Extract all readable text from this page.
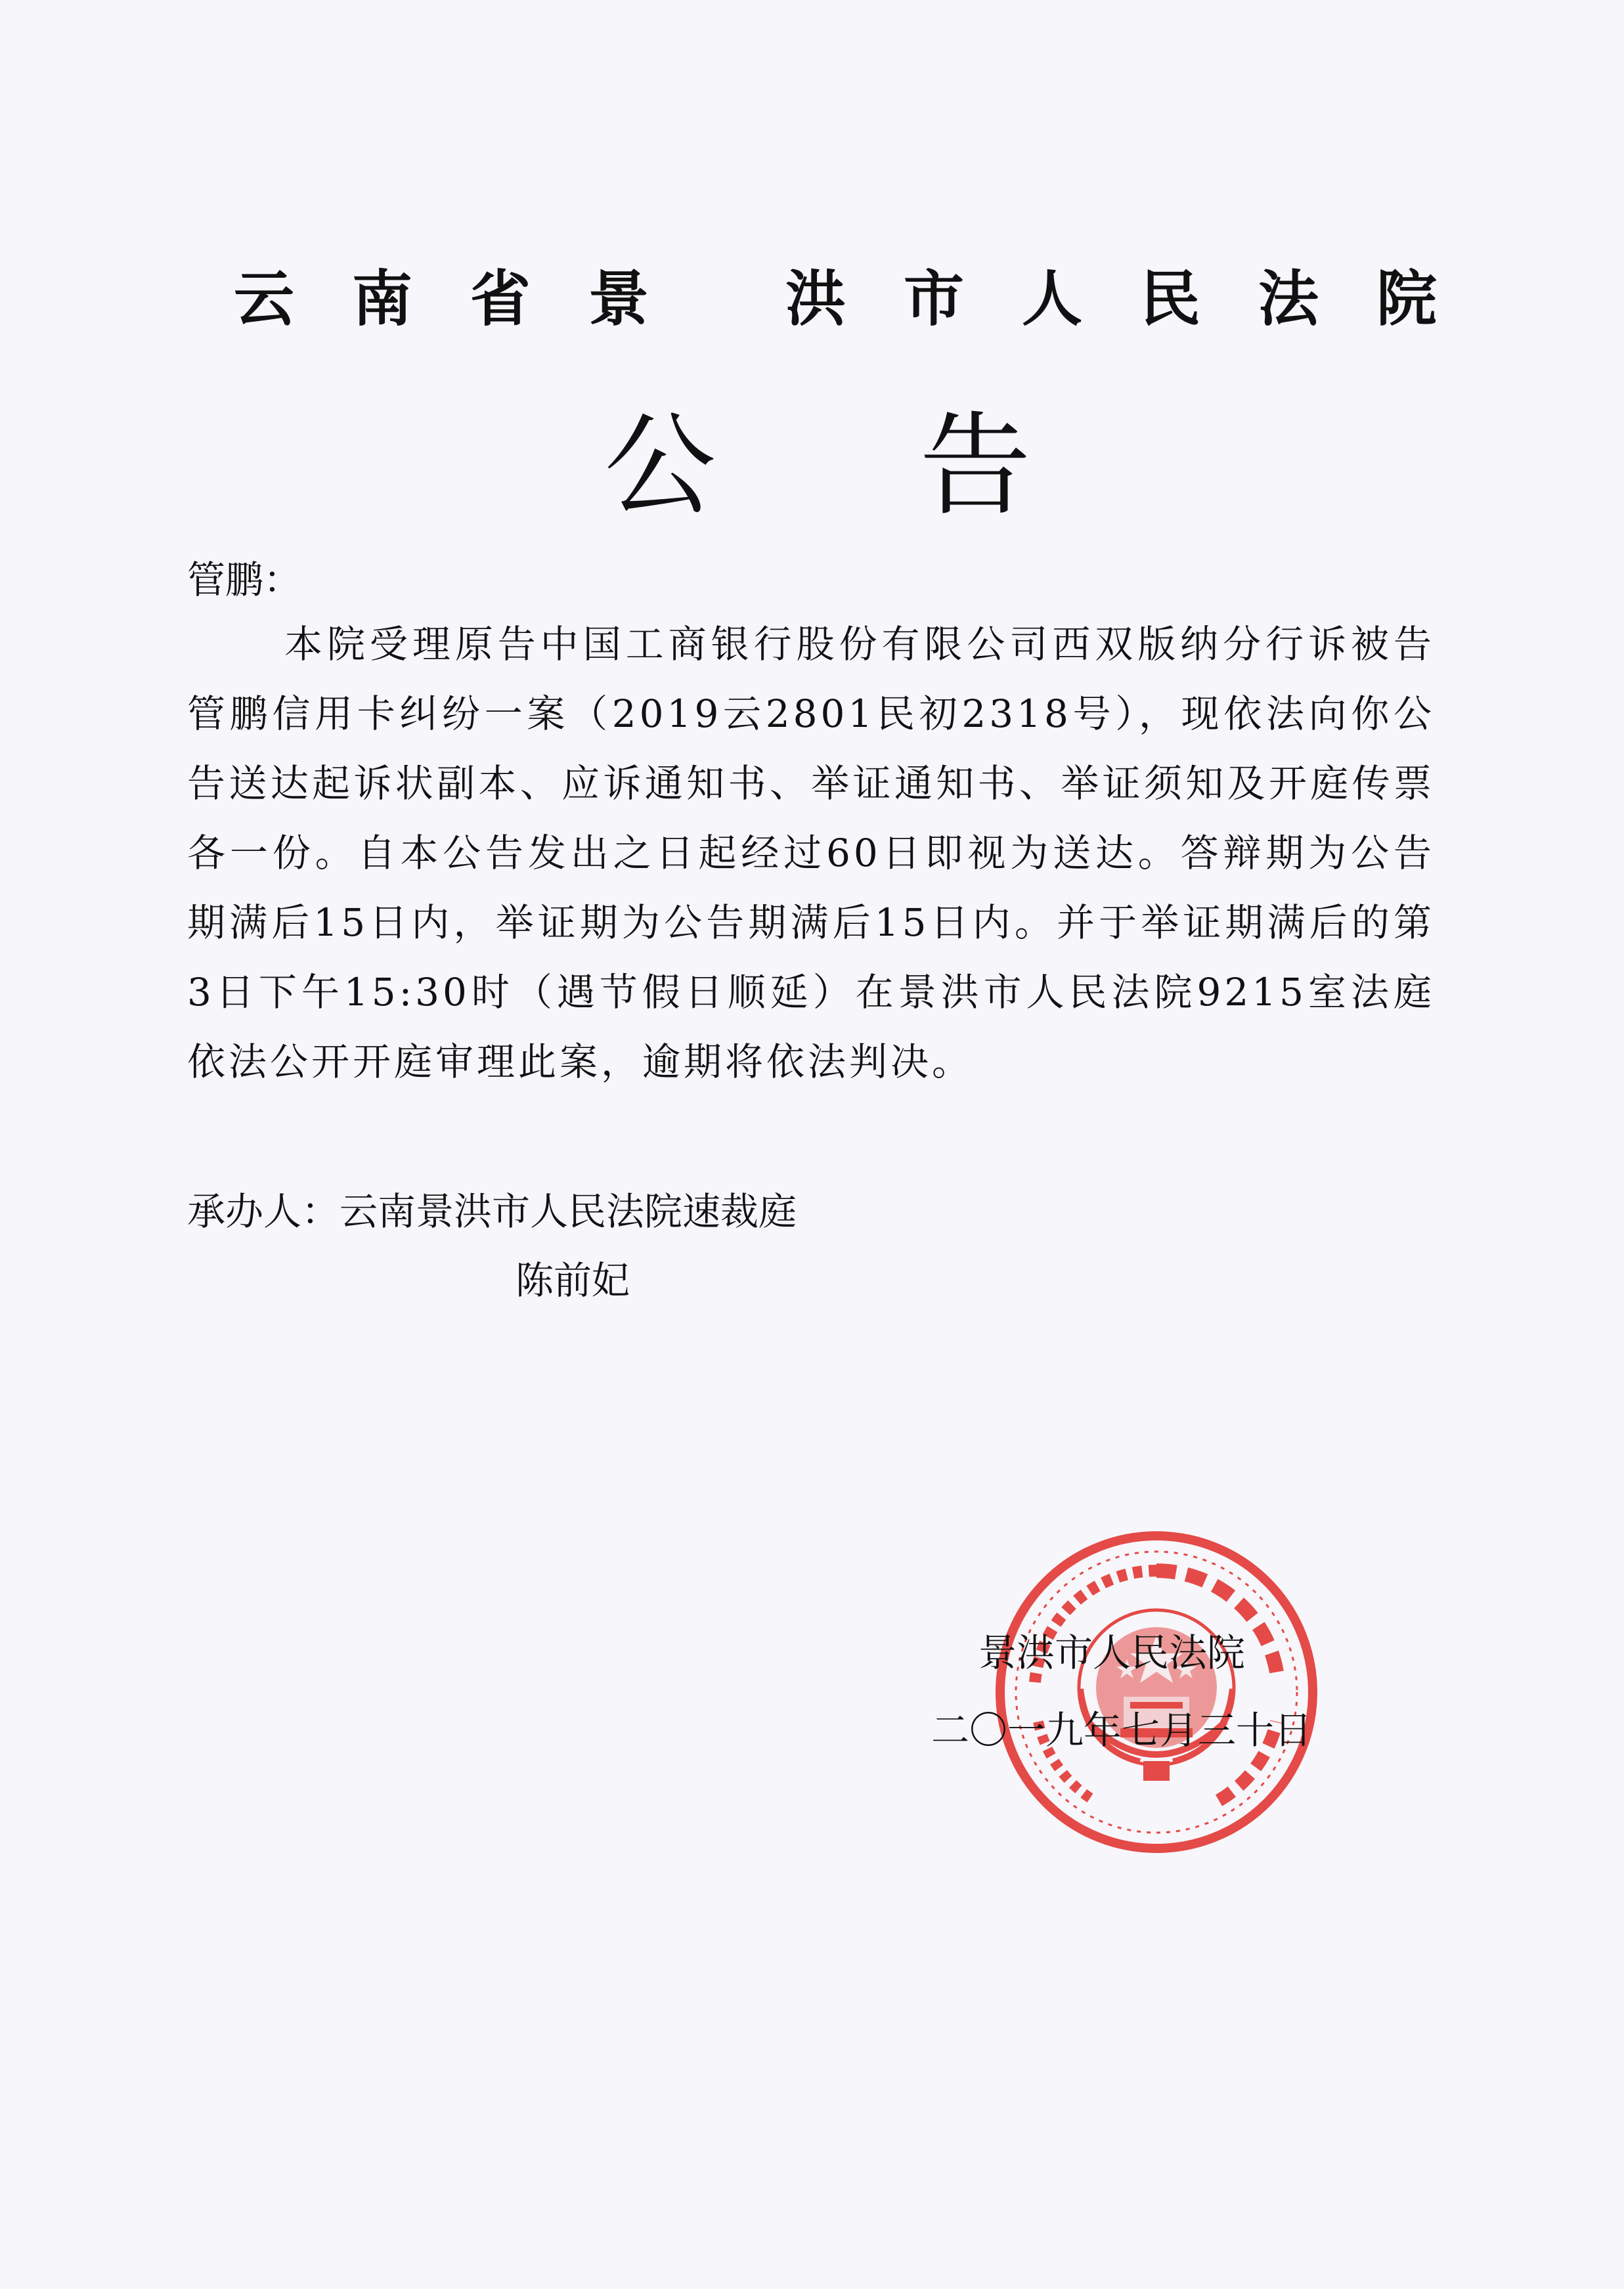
云南省景 洪市人民法院
公告
管鹏：
本院受理原告中国工商银行股份有限公司西双版纳分行诉被告管鹏信用卡纠纷一案（2019云2801民初2318号），现依法向你公告送达起诉状副本、应诉通知书、举证通知书、举证须知及开庭传票各一份。自本公告发出之日起经过60日即视为送达。答辩期为公告期满后15日内，举证期为公告期满后15日内。并于举证期满后的第3日下午15:30时（遇节假日顺延）在景洪市人民法院9215室法庭依法公开开庭审理此案，逾期将依法判决。
承办人：云南景洪市人民法院速裁庭
陈前妃
景洪市人民法院
二〇一九年七月三十日
